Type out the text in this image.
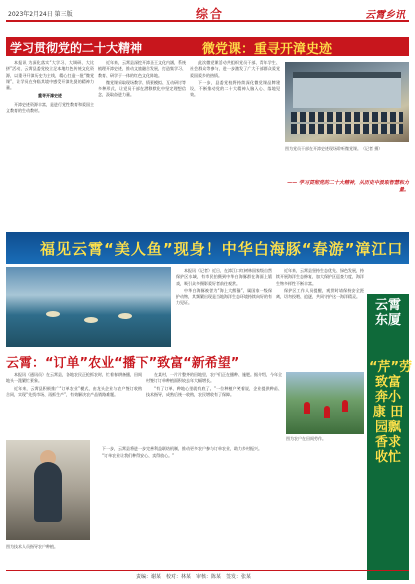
2023年2月24日 第三版	综合	云霄乡讯
学习贯彻党的二十大精神	微党课：重寻开漳史迹

本报讯 为深化落实“大学习、大调研、大比拼”活动，云霄县委党校立足本地红色传统文化资源，以重寻开漳历史为主线，精心打造一批“微党课”，让学员在身临其境中感受开漳先贤的精神力量。

重寻开漳史迹

开漳史迹资源丰富，是进行党性教育和爱国主义教育的生动教材。

近年来，云霄县深挖开漳圣王文化内涵，系统梳理开漳史迹，推动文旅融合发展，打造集学习、教育、研学于一体的红色文化阵地。

微党课采取现场教学、情景模拟、互动研讨等多种形式，让党员干部在潜移默化中坚定理想信念，汲取奋进力量。

此次微党课活动共组织党员干部、青年学生、社会群众等参与，进一步激发了广大干部群众爱党爱国爱乡的热情。

下一步，县委党校将持续深化微党课品牌建设，不断推动党的二十大精神入脑入心、落地见效。

图为党员干部在开漳史迹现场聆听微党课。（记者 摄）
—— 学习贯彻党的二十大精神，从历史中汲取智慧和力量。
福见云霄“美人鱼”现身！中华白海豚“春游”漳江口

本报讯（记者）近日，在漳江口红树林国家级自然保护区水域，有市民拍摄到中华白海豚群在海面上嬉戏，吸引众多摄影爱好者前往观赏。

中华白海豚被誉为“海上大熊猫”，属国家一级保护动物，其频繁出现是当地海洋生态环境持续向好的有力见证。

近年来，云霄县坚持生态优先、绿色发展，持续开展海洋生态修复，加大保护区巡查力度，海洋生物多样性不断丰富。

保护区工作人员提醒，观赏时请保持安全距离，切勿投喂、追逐，共同守护这一海洋精灵。

云霄：“订单”农业“播下”致富“新希望”

本报讯（通讯员）在云霄县，各地农民正抢抓农时，忙着春耕备播，田间地头一派繁忙景象。

近年来，云霄县积极推广“订单农业”模式，由龙头企业与农户签订收购合同，实现“先找市场、再抓生产”，有效解决农产品销路难题。

在某村，一片片整齐的田地里，农户们正在播种、施肥。据介绍，今年全村签订订单种植面积较去年大幅增长。

“有了订单，种地心里就有底了。”一位种植户笑着说，企业提供种苗、技术指导，成熟后统一收购，农民增收有了保障。

图为农户在田间劳作。
图为技术人员指导农户种植。

下一步，云霄县将进一步完善利益联结机制，推动更多农户参与订单农业，助力乡村振兴。

“订单农业让我们种得安心、卖得放心。”

云霄东厦
“芹”劳致富奔小康 田园飘香求收忙
责编：谢某　校对：林某　审核：陈某　签发：张某
